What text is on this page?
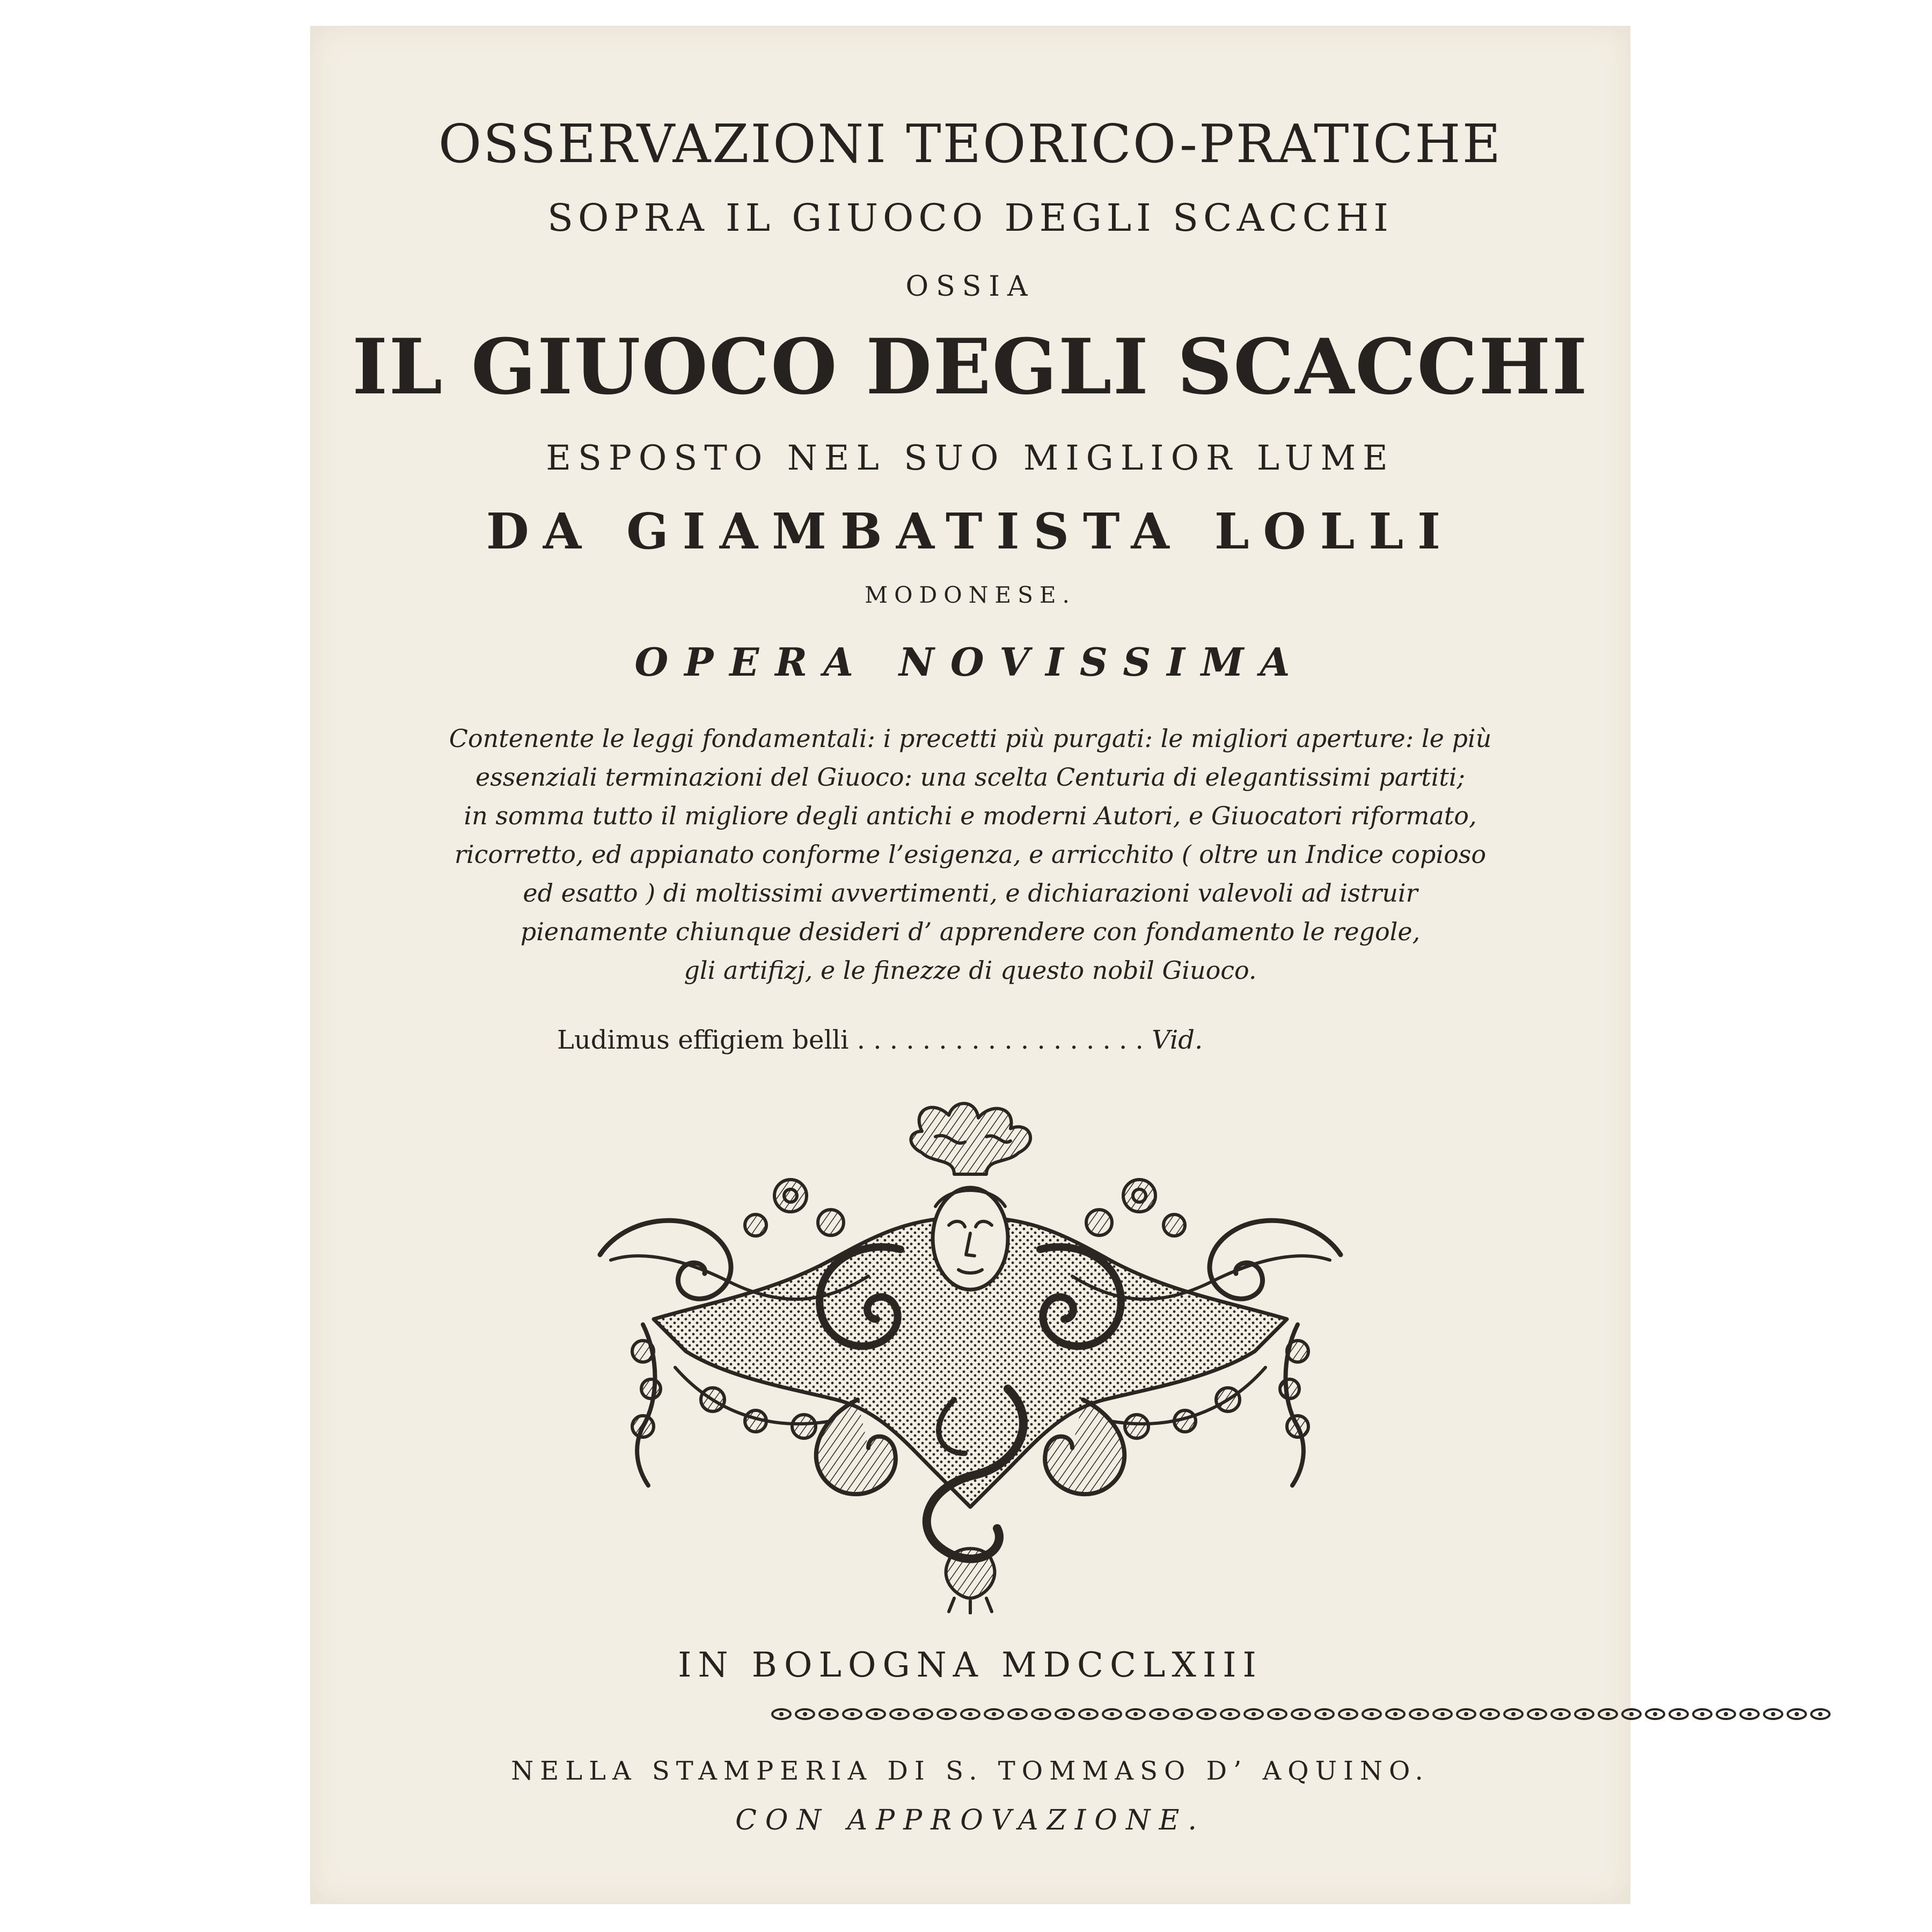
OSSERVAZIONI TEORICO-PRATICHE
SOPRA IL GIUOCO DEGLI SCACCHI
OSSIA
IL GIUOCO DEGLI SCACCHI
ESPOSTO NEL SUO MIGLIOR LUME
DA GIAMBATISTA LOLLI
MODONESE.
OPERA NOVISSIMA
Contenente le leggi fondamentali: i precetti più purgati: le migliori aperture: le più
essenziali terminazioni del Giuoco: una scelta Centuria di elegantissimi partiti;
in somma tutto il migliore degli antichi e moderni Autori, e Giuocatori riformato,
ricorretto, ed appianato conforme l’esigenza, e arricchito ( oltre un Indice copioso
ed esatto ) di moltissimi avvertimenti, e dichiarazioni valevoli ad istruir
pienamente chiunque desideri d’ apprendere con fondamento le regole,
gli artifizj, e le finezze di questo nobil Giuoco.
Ludimus effigiem belli . . . . . . . . . . . . . . . . . . Vid.
IN BOLOGNA MDCCLXIII
NELLA STAMPERIA DI S. TOMMASO D’ AQUINO.
CON APPROVAZIONE.
